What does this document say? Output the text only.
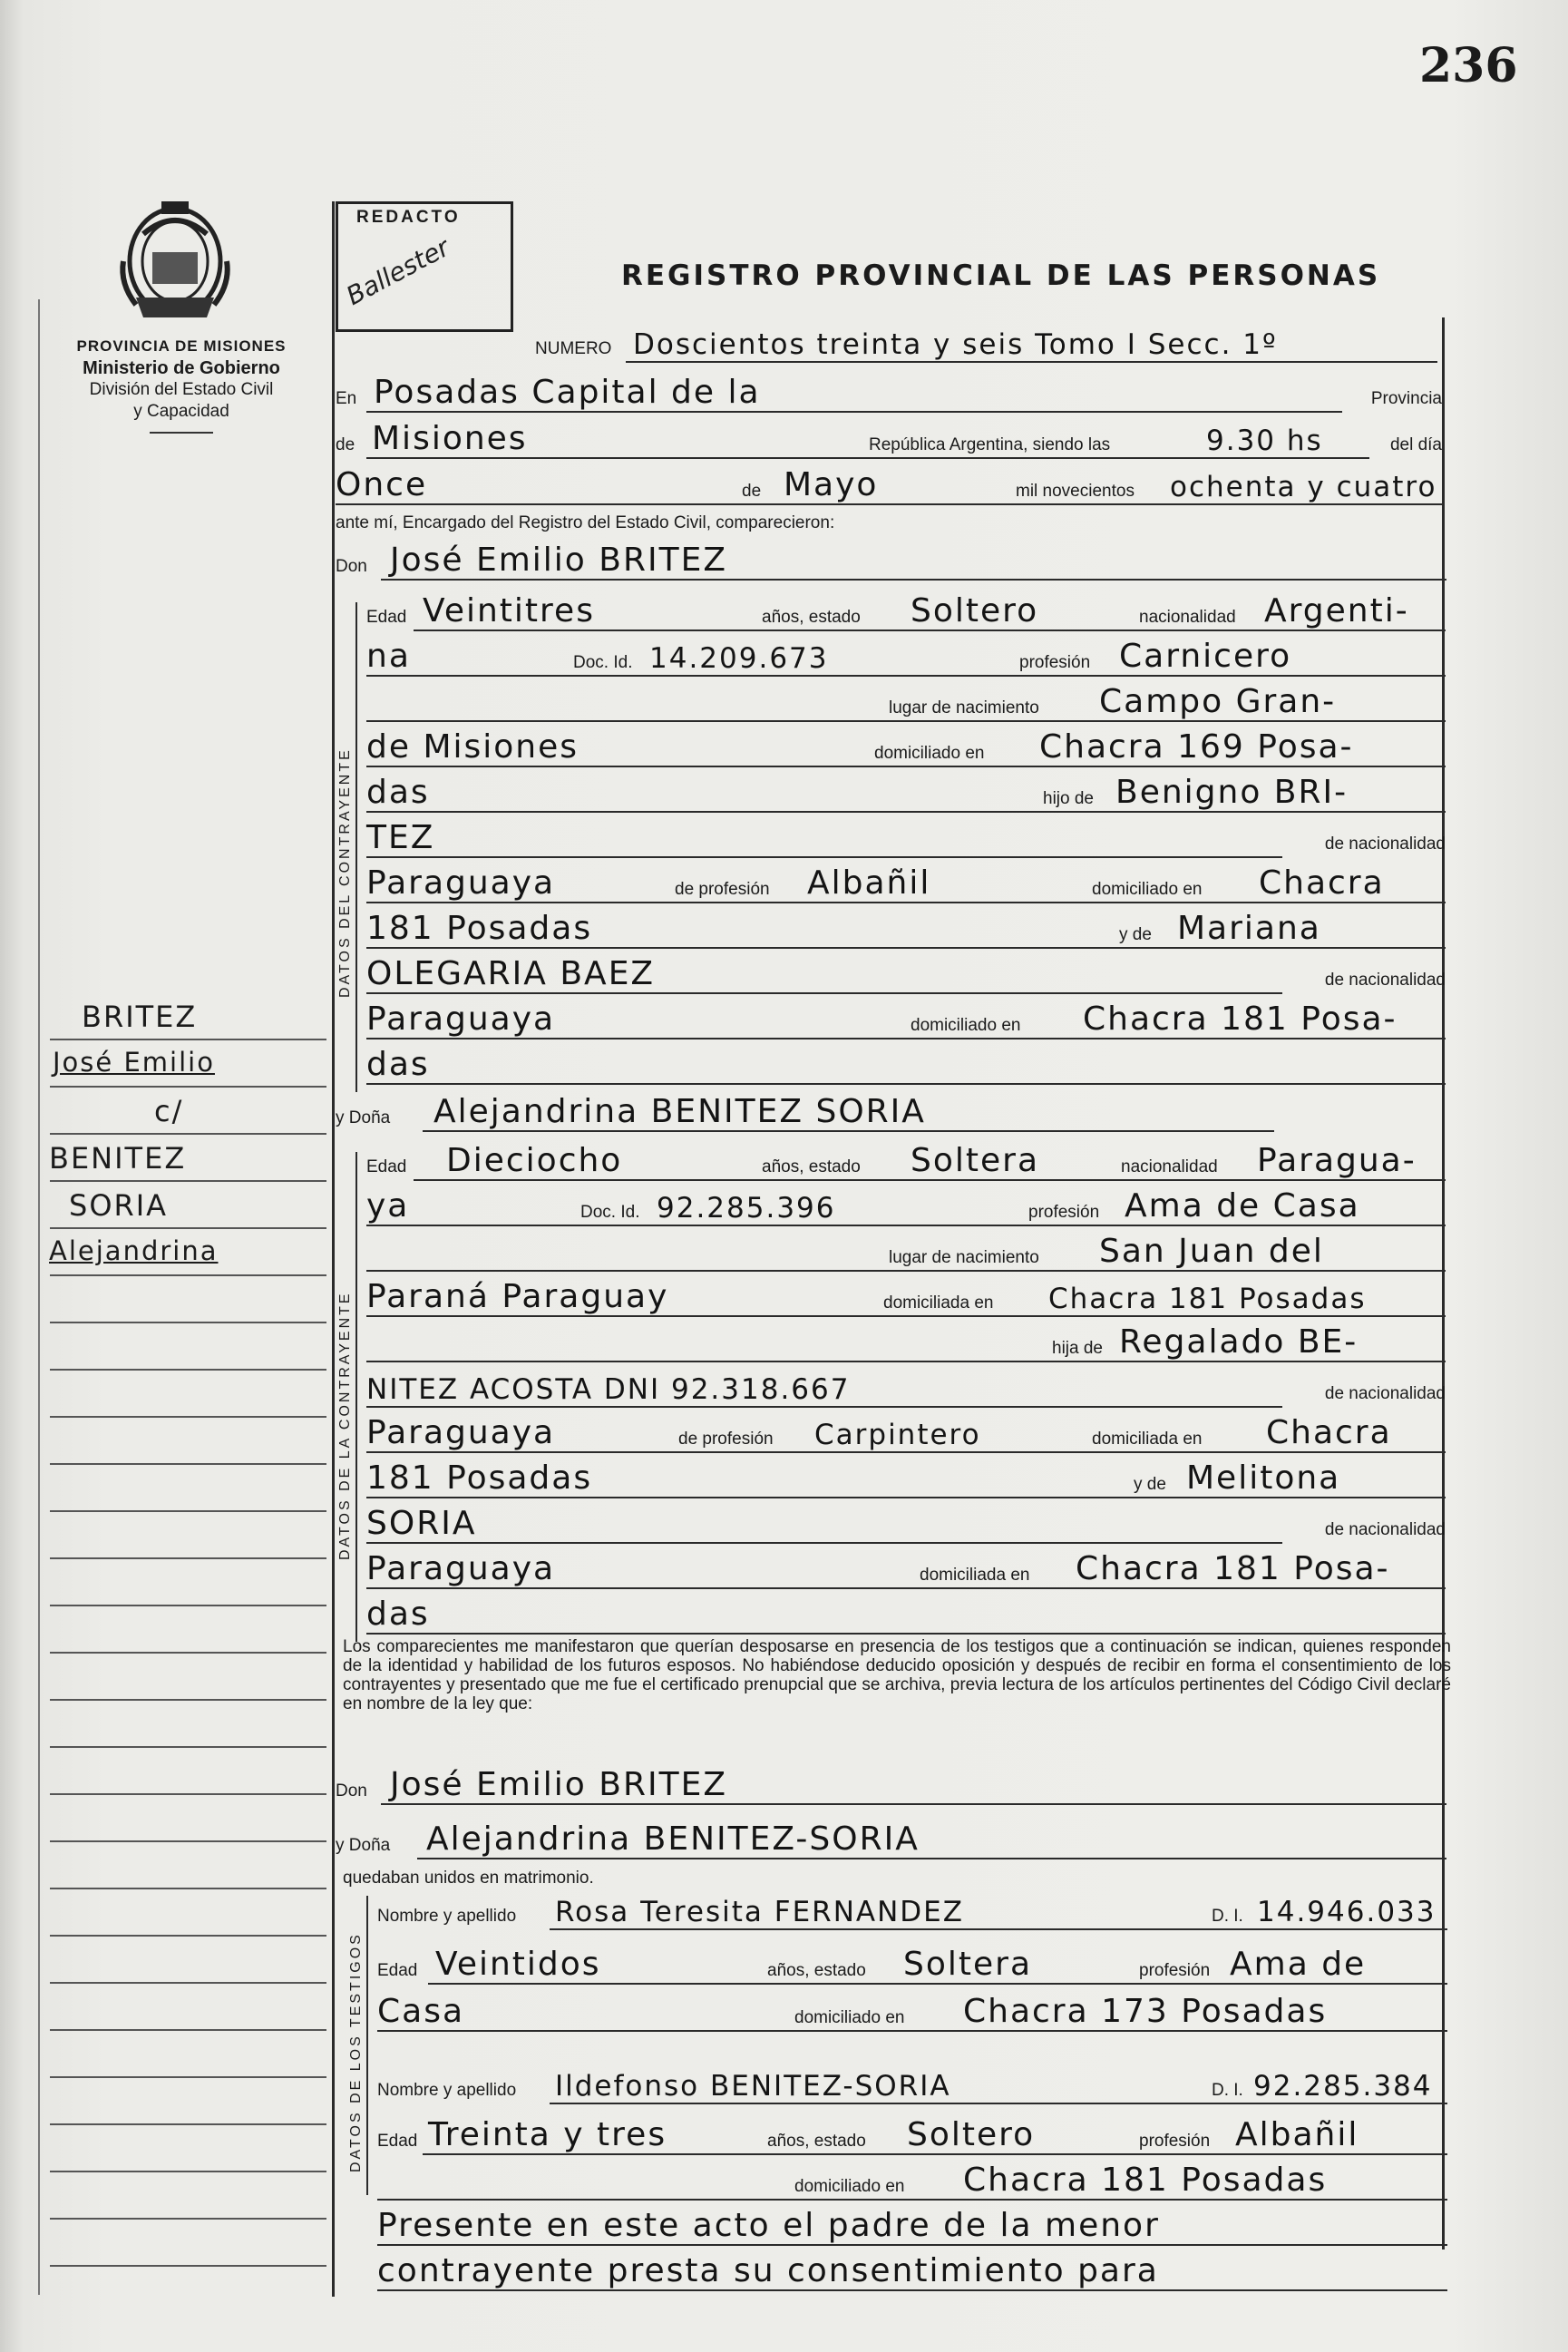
236
PROVINCIA DE MISIONES
Ministerio de Gobierno
División del Estado Civil
y Capacidad
REDACTO
Ballester	REGISTRO PROVINCIAL DE LAS PERSONAS
NUMERO Doscientos treinta y seis Tomo I Secc. 1º
En Posadas Capital de la	Provincia
de Misiones	República Argentina, siendo las	9.30 hs	del día
Once	de Mayo	mil novecientos ochenta y cuatro
ante mí, Encargado del Registro del Estado Civil, comparecieron:
Don José Emilio BRITEZ
DATOS DEL CONTRAYENTE
Edad Veintitres	años, estado Soltero	nacionalidad Argenti-
na	Doc. Id. 14.209.673	profesión Carnicero
lugar de nacimiento Campo Gran-
de Misiones	domiciliado en Chacra 169 Posa-
das	hijo de Benigno BRI-
TEZ	de nacionalidad
Paraguaya	de profesión Albañil	domiciliado en Chacra
181 Posadas	y de Mariana
OLEGARIA BAEZ	de nacionalidad
Paraguaya	domiciliado en Chacra 181 Posa-
das
y Doña Alejandrina BENITEZ SORIA
DATOS DE LA CONTRAYENTE
Edad Dieciocho	años, estado Soltera	nacionalidad Paragua-
ya	Doc. Id. 92.285.396	profesión Ama de Casa
lugar de nacimiento San Juan del
Paraná Paraguay	domiciliada en Chacra 181 Posadas
hija de Regalado BE-
NITEZ ACOSTA DNI 92.318.667	de nacionalidad
Paraguaya	de profesión Carpintero	domiciliada en Chacra
181 Posadas	y de Melitona
SORIA	de nacionalidad
Paraguaya	domiciliada en Chacra 181 Posa-
das
Los comparecientes me manifestaron que querían desposarse en presencia de los testigos que a continuación se indican, quienes responden de la identidad y habilidad de los futuros esposos. No habiéndose deducido oposición y después de recibir en forma el consentimiento de los contrayentes y presentado que me fue el certificado prenupcial que se archiva, previa lectura de los artículos pertinentes del Código Civil declaré en nombre de la ley que:
Don José Emilio BRITEZ
y Doña Alejandrina BENITEZ-SORIA
quedaban unidos en matrimonio.
DATOS DE LOS TESTIGOS
Nombre y apellido Rosa Teresita FERNANDEZ	D. I. 14.946.033
Edad Veintidos	años, estado Soltera	profesión Ama de
Casa	domiciliado en Chacra 173 Posadas
Nombre y apellido Ildefonso BENITEZ-SORIA	D. I. 92.285.384
Edad Treinta y tres	años, estado Soltero	profesión Albañil
domiciliado en Chacra 181 Posadas
Presente en este acto el padre de la menor
contrayente presta su consentimiento para
BRITEZ
José Emilio
c/
BENITEZ
SORIA
Alejandrina
